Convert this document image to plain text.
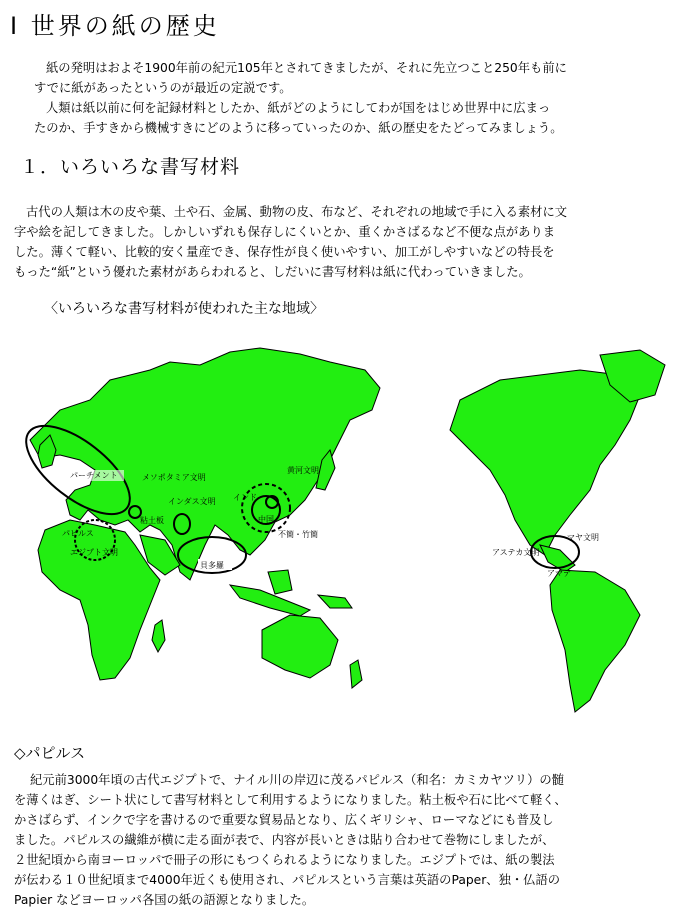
Ⅰ 世界の紙の歴史
紙の発明はおよそ1900年前の紀元105年とされてきましたが、それに先立つこと250年も前に
すでに紙があったというのが最近の定説です。
人類は紙以前に何を記録材料としたか、紙がどのようにしてわが国をはじめ世界中に広まっ
たのか、手すきから機械すきにどのように移っていったのか、紙の歴史をたどってみましょう。
１．いろいろな書写材料
古代の人類は木の皮や葉、土や石、金属、動物の皮、布など、それぞれの地域で手に入る素材に文
字や絵を記してきました。しかしいずれも保存しにくいとか、重くかさばるなど不便な点がありま
した。薄くて軽い、比較的安く量産でき、保存性が良く使いやすい、加工がしやすいなどの特長を
もった“紙”という優れた素材があらわれると、しだいに書写材料は紙に代わっていきました。
〈いろいろな書写材料が使われた主な地域〉
パーチメント	メソポタミア文明
パピルス
エジプト文明
粘土板
インダス文明
黄河文明
中国
不簡・竹簡
貝多羅
インド
マヤ文明
アステカ文明
アマテ
◇パピルス
紀元前3000年頃の古代エジプトで、ナイル川の岸辺に茂るパピルス（和名：カミカヤツリ）の髄
を薄くはぎ、シート状にして書写材料として利用するようになりました。粘土板や石に比べて軽く、
かさばらず、インクで字を書けるので重要な貿易品となり、広くギリシャ、ローマなどにも普及し
ました。パピルスの繊維が横に走る面が表で、内容が長いときは貼り合わせて巻物にしましたが、
２世紀頃から南ヨーロッパで冊子の形にもつくられるようになりました。エジプトでは、紙の製法
が伝わる１０世紀頃まで4000年近くも使用され、パピルスという言葉は英語のPaper、独・仏語の
Papier などヨーロッパ各国の紙の語源となりました。
